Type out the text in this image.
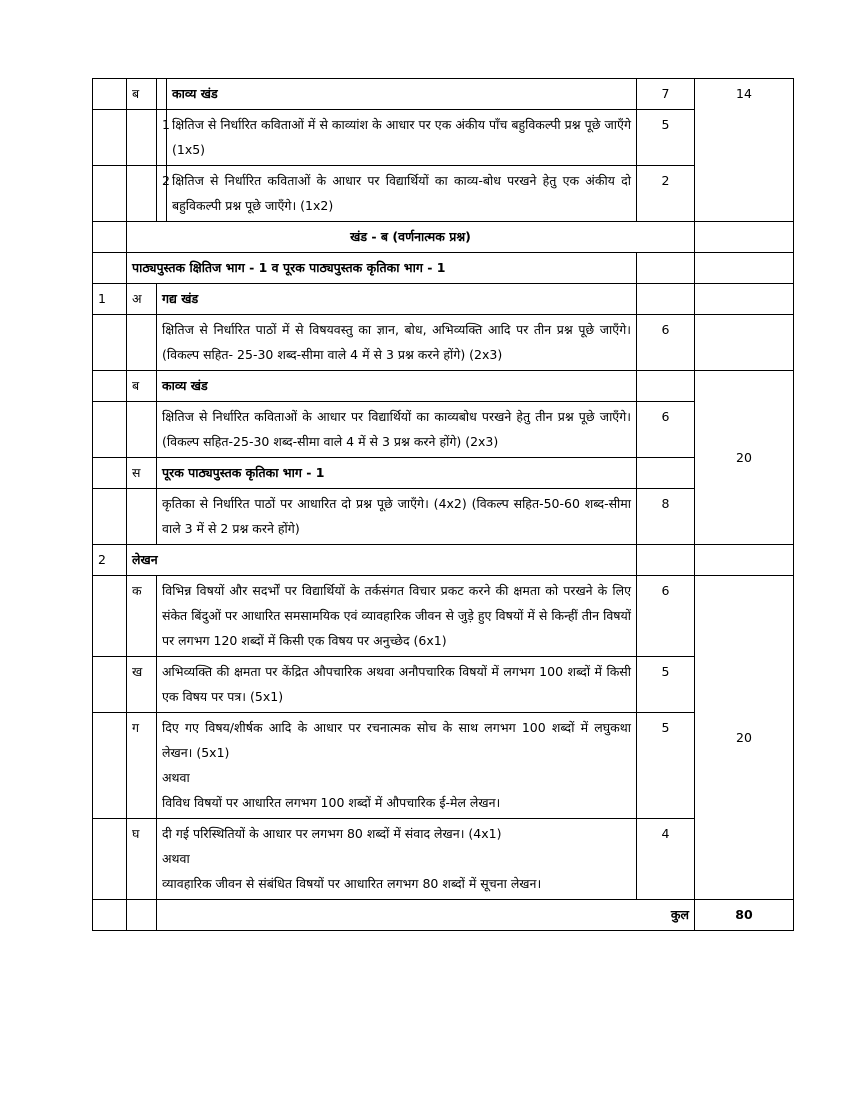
	ब		काव्य खंड	7	14
		1	क्षितिज से निर्धारित कविताओं में से काव्यांश के आधार पर एक अंकीय पाँच बहुविकल्पी प्रश्न पूछे जाएँगे (1x5)	5	
		2	क्षितिज से निर्धारित कविताओं के आधार पर विद्यार्थियों का काव्य-बोध परखने हेतु एक अंकीय दो बहुविकल्पी प्रश्न पूछे जाएँगे। (1x2)	2	
	खंड - ब (वर्णनात्मक प्रश्न)				
	पाठ्यपुस्तक क्षितिज भाग - 1 व पूरक पाठ्यपुस्तक कृतिका भाग - 1				
1	अ	गद्य खंड			
		क्षितिज से निर्धारित पाठों में से विषयवस्तु का ज्ञान, बोध, अभिव्यक्ति आदि पर तीन प्रश्न पूछे जाएँगे।(विकल्प सहित- 25-30 शब्द-सीमा वाले 4 में से 3 प्रश्न करने होंगे) (2x3)		6	
	ब	काव्य खंड			20
		क्षितिज से निर्धारित कविताओं के आधार पर विद्यार्थियों का काव्यबोध परखने हेतु तीन प्रश्न पूछे जाएँगे। (विकल्प सहित-25-30 शब्द-सीमा वाले 4 में से 3 प्रश्न करने होंगे) (2x3)		6	
	स	पूरक पाठ्यपुस्तक कृतिका भाग - 1			
		कृतिका से निर्धारित पाठों पर आधारित दो प्रश्न पूछे जाएँगे। (4x2) (विकल्प सहित-50-60 शब्द-सीमा वाले 3 में से 2 प्रश्न करने होंगे)		8	
2	लेखन				
	क	विभिन्न विषयों और सदर्भों पर विद्यार्थियों के तर्कसंगत विचार प्रकट करने की क्षमता को परखने के लिए संकेत बिंदुओं पर आधारित समसामयिक एवं व्यावहारिक जीवन से जुड़े हुए विषयों में से किन्हीं तीन विषयों पर लगभग 120 शब्दों में किसी एक विषय पर अनुच्छेद (6x1)		6	20
	ख	अभिव्यक्ति की क्षमता पर केंद्रित औपचारिक अथवा अनौपचारिक विषयों में लगभग 100 शब्दों में किसी एक विषय पर पत्र। (5x1)		5	
	ग	दिए गए विषय/शीर्षक आदि के आधार पर रचनात्मक सोच के साथ लगभग 100 शब्दों में लघुकथा लेखन। (5x1)
अथवा
विविध विषयों पर आधारित लगभग 100 शब्दों में औपचारिक ई-मेल लेखन।		5	
	घ	दी गई परिस्थितियों के आधार पर लगभग 80 शब्दों में संवाद लेखन। (4x1)
अथवा
व्यावहारिक जीवन से संबंधित विषयों पर आधारित लगभग 80 शब्दों में सूचना लेखन।		4	
		कुल			80
